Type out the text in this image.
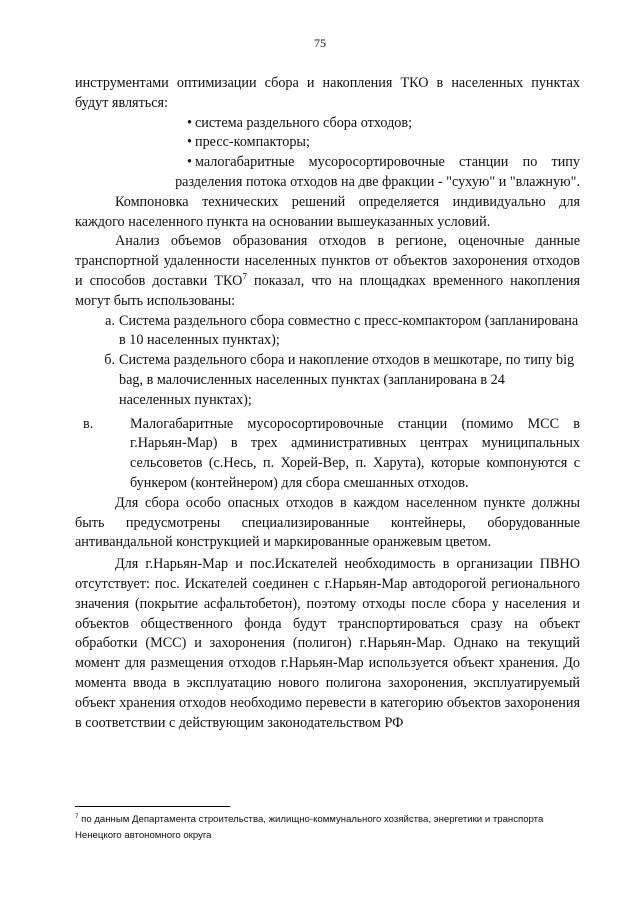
75

инструментами оптимизации сбора и накопления ТКО в населенных пунктах будут являться:

• система раздельного сбора отходов;
• пресс-компакторы;
• малогабаритные мусоросортировочные станции по типу
разделения потока отходов на две фракции - "сухую" и "влажную".

Компоновка технических решений определяется индивидуально для каждого населенного пункта на основании вышеуказанных условий.

Анализ объемов образования отходов в регионе, оценочные данные транспортной удаленности населенных пунктов от объектов захоронения отходов и способов доставки ТКО$^7$ показал, что на площадках временного накопления могут быть использованы:

а. Система раздельного сбора совместно с пресс-компактором (запланирована в 10 населенных пунктах);
б. Система раздельного сбора и накопление отходов в мешкотаре, по типу big bag, в малочисленных населенных пунктах (запланирована в 24 населенных пунктах);
в.	Малогабаритные мусоросортировочные станции (помимо МСС в г.Нарьян-Мар) в трех административных центрах муниципальных сельсоветов (с.Несь, п. Хорей-Вер, п. Харута), которые компонуются с бункером (контейнером) для сбора смешанных отходов.

Для сбора особо опасных отходов в каждом населенном пункте должны быть предусмотрены специализированные контейнеры, оборудованные антивандальной конструкцией и маркированные оранжевым цветом.

Для г.Нарьян-Мар и пос.Искателей необходимость в организации ПВНО отсутствует: пос. Искателей соединен с г.Нарьян-Мар автодорогой регионального значения (покрытие асфальтобетон), поэтому отходы после сбора у населения и объектов общественного фонда будут транспортироваться сразу на объект обработки (МСС) и захоронения (полигон) г.Нарьян-Мар. Однако на текущий момент для размещения отходов г.Нарьян-Мар используется объект хранения. До момента ввода в эксплуатацию нового полигона захоронения, эксплуатируемый объект хранения отходов необходимо перевести в категорию объектов захоронения в соответствии с действующим законодательством РФ

$^7$ по данным Департамента строительства, жилищно-коммунального хозяйства, энергетики и транспорта Ненецкого автономного округа
